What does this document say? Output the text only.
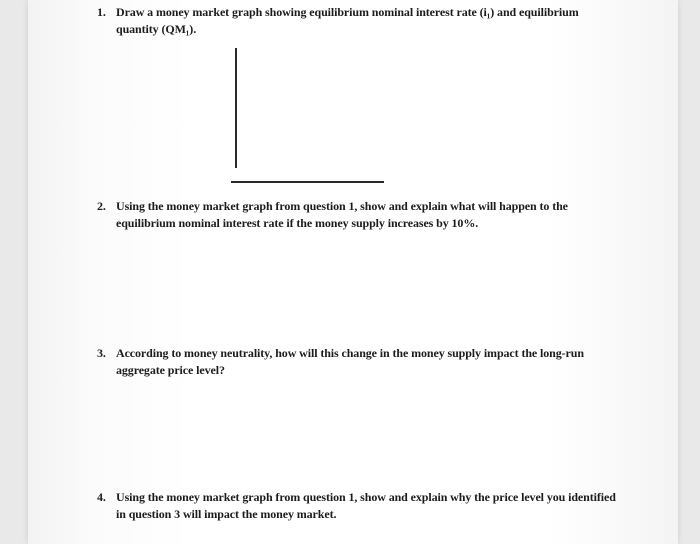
1. Draw a money market graph showing equilibrium nominal interest rate (i₁) and equilibrium quantity (QM₁).
2. Using the money market graph from question 1, show and explain what will happen to the equilibrium nominal interest rate if the money supply increases by 10%.
3. According to money neutrality, how will this change in the money supply impact the long-run aggregate price level?
4. Using the money market graph from question 1, show and explain why the price level you identified in question 3 will impact the money market.
